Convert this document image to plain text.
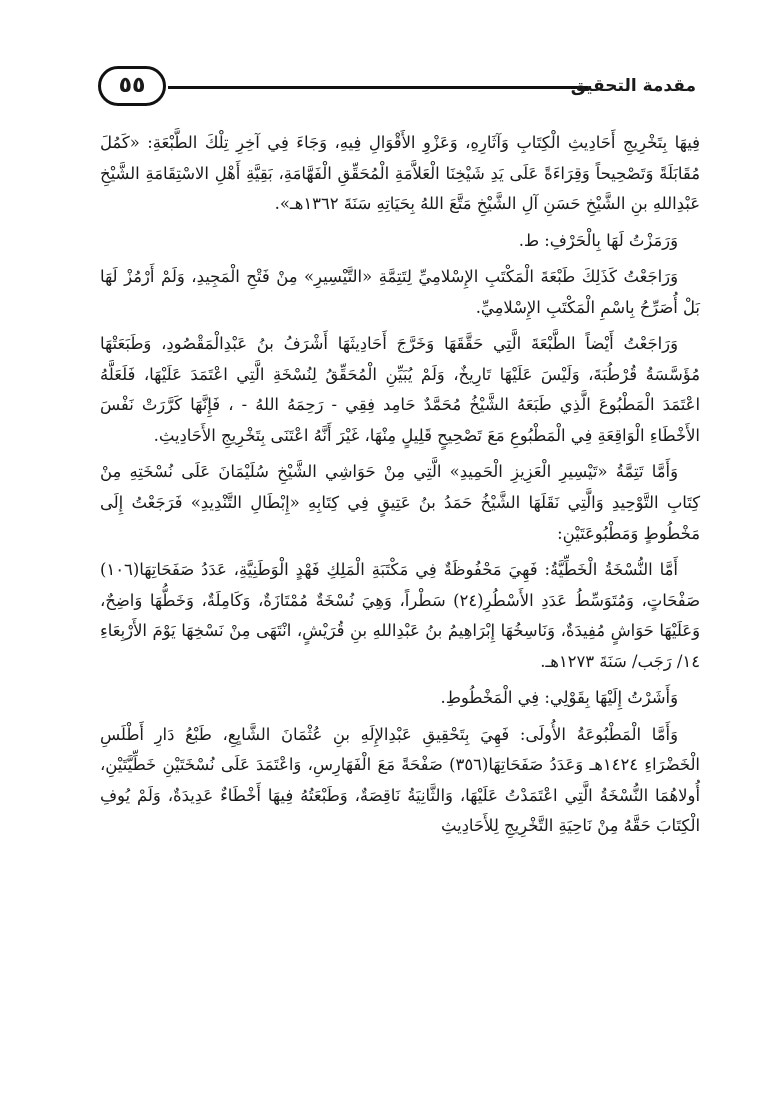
مقدمة التحقيق
٥٥

فِيهَا بِتَخْرِيجِ أَحَادِيثِ الْكِتَابِ وَآثَارِهِ، وَعَزْوِ الأَقْوَالِ فِيهِ، وَجَاءَ فِي آخِرِ تِلْكَ الطَّبْعَةِ: «كَمُلَ مُقَابَلَةً وَتَصْحِيحاً وَقِرَاءَةً عَلَى يَدِ شَيْخِنَا الْعَلاَّمَةِ الْمُحَقِّقِ الْفَهَّامَةِ، بَقِيَّةِ أَهْلِ الاسْتِقَامَةِ الشَّيْخِ عَبْدِاللهِ بنِ الشَّيْخِ حَسَنِ آلِ الشَّيْخِ مَتَّعَ اللهُ بِحَيَاتِهِ سَنَةَ ١٣٦٢هـ».

وَرَمَزْتُ لَهَا بِالْحَرْفِ: ط.

وَرَاجَعْتُ كَذَلِكَ طَبْعَةَ الْمَكْتَبِ الإِسْلامِيِّ لِتَتِمَّةِ «التَّيْسِيرِ» مِنْ فَتْحِ الْمَجِيدِ، وَلَمْ أَرْمُزْ لَهَا بَلْ أُصَرِّحُ بِاسْمِ الْمَكْتَبِ الإِسْلامِيِّ.

وَرَاجَعْتُ أَيْضاً الطَّبْعَةَ الَّتِي حَقَّقَهَا وَخَرَّجَ أَحَادِيثَهَا أَشْرَفُ بنُ عَبْدِالْمَقْصُودِ، وَطَبَعَتْهَا مُؤَسَّسَةُ قُرْطُبَةَ، وَلَيْسَ عَلَيْهَا تَارِيخٌ، وَلَمْ يُبَيِّنِ الْمُحَقِّقُ لِنُسْخَةِ الَّتِي اعْتَمَدَ عَلَيْهَا، فَلَعَلَّهُ اعْتَمَدَ الْمَطْبُوعَ الَّذِي طَبَعَهُ الشَّيْخُ مُحَمَّدٌ حَامِد فِقِي - رَحِمَهُ اللهُ - ، فَإِنَّهَا كَرَّرَتْ نَفْسَ الأَخْطَاءِ الْوَاقِعَةِ فِي الْمَطْبُوعِ مَعَ تَصْحِيحٍ قَلِيلٍ مِنْهَا، غَيْرَ أَنَّهُ اعْتَنَى بِتَخْرِيجِ الأَحَادِيثِ.

وَأَمَّا تَتِمَّةُ «تَيْسِيرِ الْعَزِيزِ الْحَمِيدِ» الَّتِي مِنْ حَوَاشِي الشَّيْخِ سُلَيْمَانَ عَلَى نُسْخَتِهِ مِنْ كِتَابِ التَّوْحِيدِ وَالَّتِي نَقَلَهَا الشَّيْخُ حَمَدُ بنُ عَتِيقٍ فِي كِتَابِهِ «إِبْطَالِ التَّنْدِيدِ» فَرَجَعْتُ إِلَى مَخْطُوطٍ وَمَطْبُوعَتَيْنِ:

أَمَّا النُّسْخَةُ الْخَطِّيَّةُ: فَهِيَ مَحْفُوظَةٌ فِي مَكْتَبَةِ الْمَلِكِ فَهْدٍ الْوَطَنِيَّةِ، عَدَدُ صَفَحَاتِهَا(١٠٦) صَفْحَاتٍ، وَمُتَوَسِّطُ عَدَدِ الأَسْطُرِ(٢٤) سَطْراً، وَهِيَ نُسْخَةٌ مُمْتَازَةٌ، وَكَامِلَةٌ، وَخَطُّهَا وَاضِحٌ، وَعَلَيْهَا حَوَاشٍ مُفِيدَةٌ، وَنَاسِخُهَا إِبْرَاهِيمُ بنُ عَبْدِاللهِ بنِ قُرَيْشٍ، انْتَهَى مِنْ نَسْخِهَا يَوْمَ الأَرْبِعَاءِ ١٤/ رَجَب/ سَنَةَ ١٢٧٣هـ.

وَأَشَرْتُ إِلَيْهَا بِقَوْلِي: فِي الْمَخْطُوطِ.

وَأَمَّا الْمَطْبُوعَةُ الأُولَى: فَهِيَ بِتَحْقِيقِ عَبْدِالإِلَهِ بنِ عُثْمَانَ الشَّايِعِ، طَبْعُ دَارِ أَطْلَسِ الْخَضْرَاءِ ١٤٢٤هـ وَعَدَدُ صَفَحَاتِهَا(٣٥٦) صَفْحَةً مَعَ الْفَهَارِسِ، وَاعْتَمَدَ عَلَى نُسْخَتَيْنِ خَطِّيَّتَيْنِ، أُولاهُمَا النُّسْخَةُ الَّتِي اعْتَمَدْتُ عَلَيْهَا، وَالثَّانِيَةُ نَاقِصَةٌ، وَطَبْعَتُهُ فِيهَا أَخْطَاءٌ عَدِيدَةٌ، وَلَمْ يُوفِ الْكِتَابَ حَقَّهُ مِنْ نَاحِيَةِ التَّخْرِيجِ لِلأَحَادِيثِ
